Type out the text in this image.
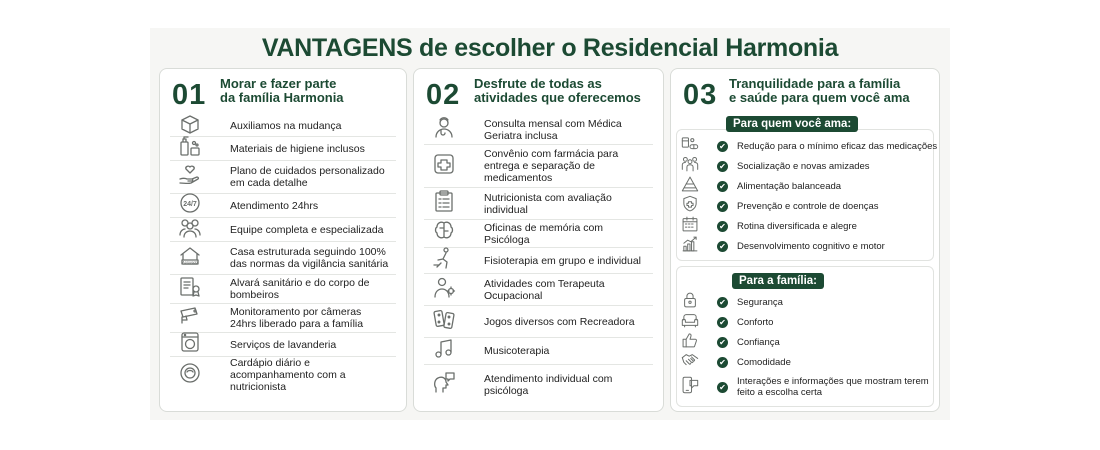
VANTAGENS de escolher o Residencial Harmonia
01 Morar e fazer parte
da família Harmonia
Auxiliamos na mudança
Materiais de higiene inclusos
Plano de cuidados personalizado em cada detalhe
24/7	Atendimento 24hrs
Equipe completa e especializada
Aprovado
Casa estruturada seguindo 100% das normas da vigilância sanitária
Alvará sanitário e do corpo de bombeiros
Monitoramento por câmeras 24hrs liberado para a família
Serviços de lavanderia
Cardápio diário e acompanhamento com a nutricionista
02 Desfrute de todas as
atividades que oferecemos
Consulta mensal com Médica Geriatra inclusa
Convênio com farmácia para entrega e separação de medicamentos
Nutricionista com avaliação individual
Oficinas de memória com Psicóloga
Fisioterapia em grupo e individual
Atividades com Terapeuta Ocupacional
Jogos diversos com Recreadora
Musicoterapia
Atendimento individual com psicóloga
03 Tranquilidade para a família
e saúde para quem você ama
Para quem você ama:
Para a família:
✔	Redução para o mínimo eficaz das medicações
✔	Socialização e novas amizades
✔	Alimentação balanceada
✔	Prevenção e controle de doenças
✔	Rotina diversificada e alegre
✔	Desenvolvimento cognitivo e motor
✔	Segurança
✔	Conforto
✔	Confiança
✔	Comodidade
✔	Interações e informações que mostram terem feito a escolha certa
